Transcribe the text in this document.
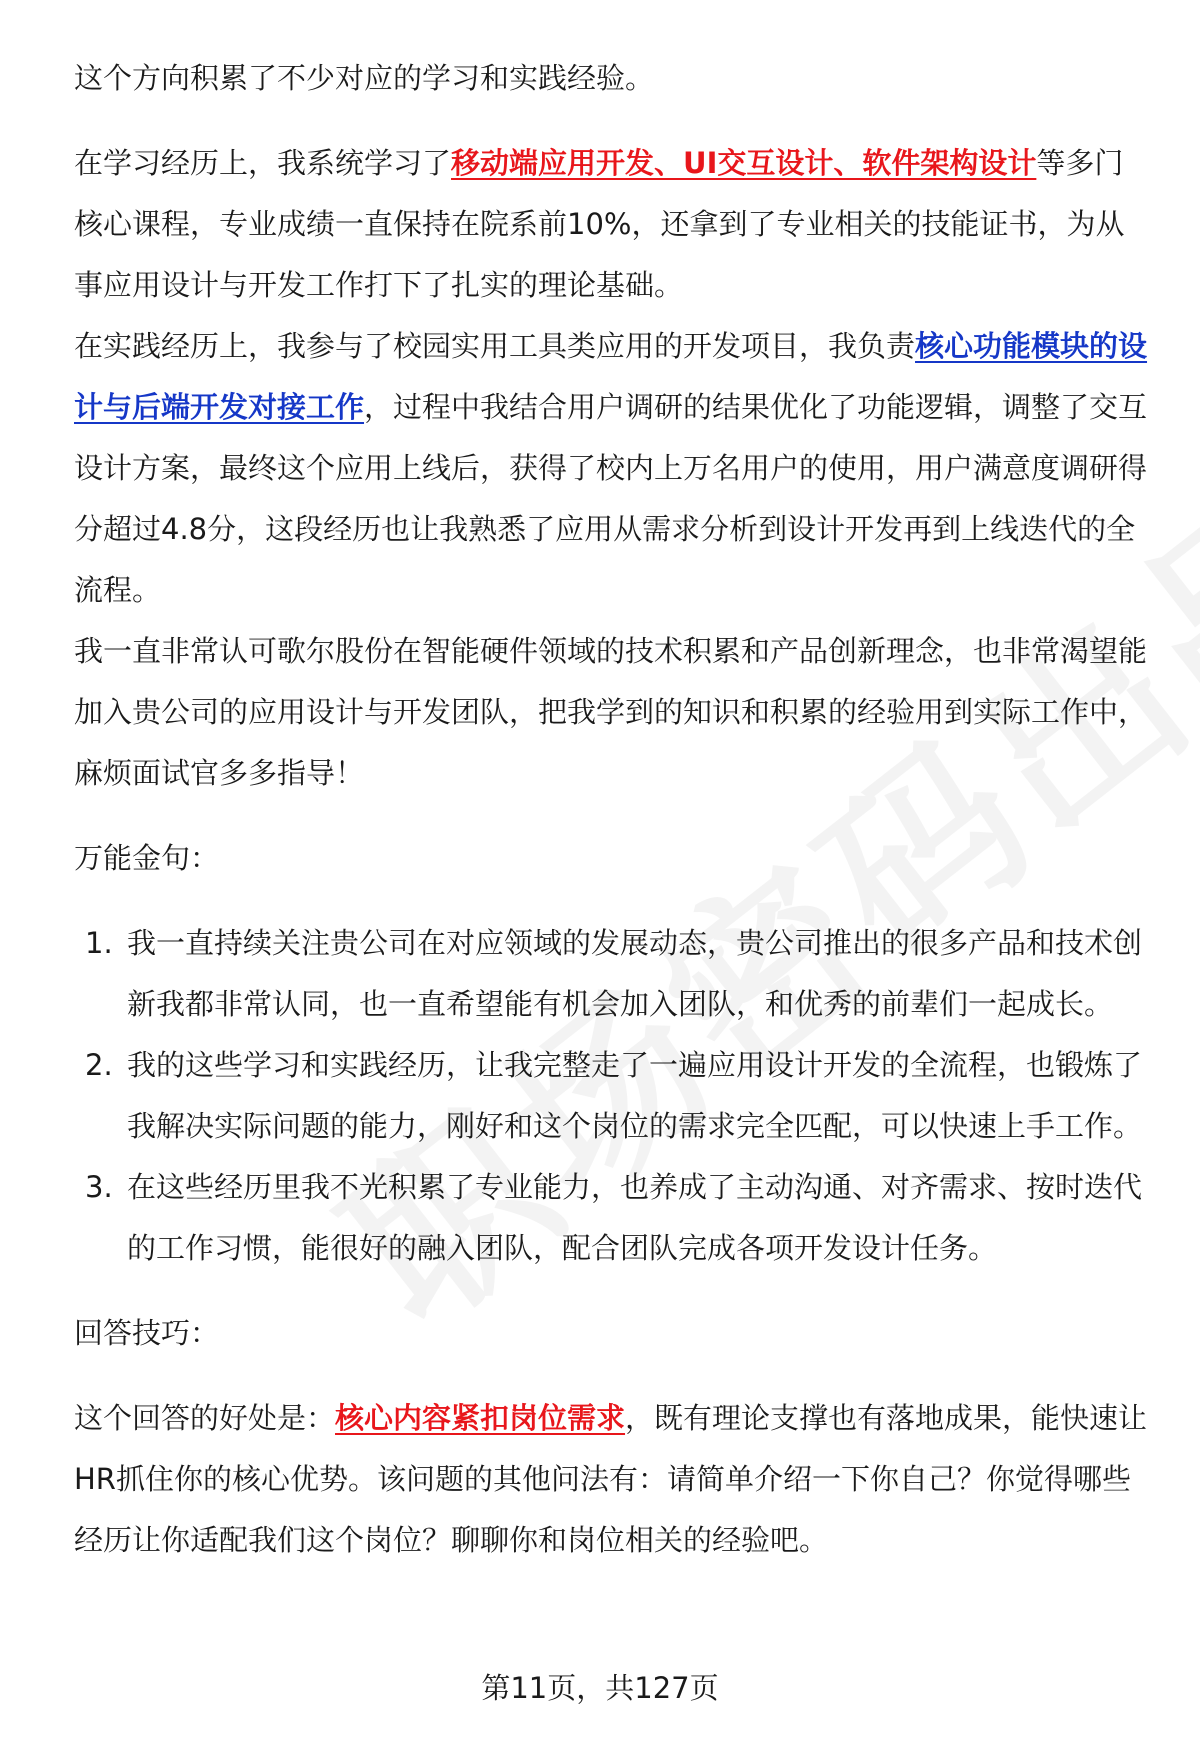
这个方向积累了不少对应的学习和实践经验。

在学习经历上，我系统学习了移动端应用开发、UI交互设计、软件架构设计等多门核心课程，专业成绩一直保持在院系前10%，还拿到了专业相关的技能证书，为从事应用设计与开发工作打下了扎实的理论基础。

在实践经历上，我参与了校园实用工具类应用的开发项目，我负责核心功能模块的设计与后端开发对接工作，过程中我结合用户调研的结果优化了功能逻辑，调整了交互设计方案，最终这个应用上线后，获得了校内上万名用户的使用，用户满意度调研得分超过4.8分，这段经历也让我熟悉了应用从需求分析到设计开发再到上线迭代的全流程。

我一直非常认可歌尔股份在智能硬件领域的技术积累和产品创新理念，也非常渴望能加入贵公司的应用设计与开发团队，把我学到的知识和积累的经验用到实际工作中，麻烦面试官多多指导！

万能金句：

1. 我一直持续关注贵公司在对应领域的发展动态，贵公司推出的很多产品和技术创新我都非常认同，也一直希望能有机会加入团队，和优秀的前辈们一起成长。
2. 我的这些学习和实践经历，让我完整走了一遍应用设计开发的全流程，也锻炼了我解决实际问题的能力，刚好和这个岗位的需求完全匹配，可以快速上手工作。
3. 在这些经历里我不光积累了专业能力，也养成了主动沟通、对齐需求、按时迭代的工作习惯，能很好的融入团队，配合团队完成各项开发设计任务。

回答技巧：

这个回答的好处是：核心内容紧扣岗位需求，既有理论支撑也有落地成果，能快速让HR抓住你的核心优势。该问题的其他问法有：请简单介绍一下你自己？你觉得哪些经历让你适配我们这个岗位？聊聊你和岗位相关的经验吧。

第11页，共127页
